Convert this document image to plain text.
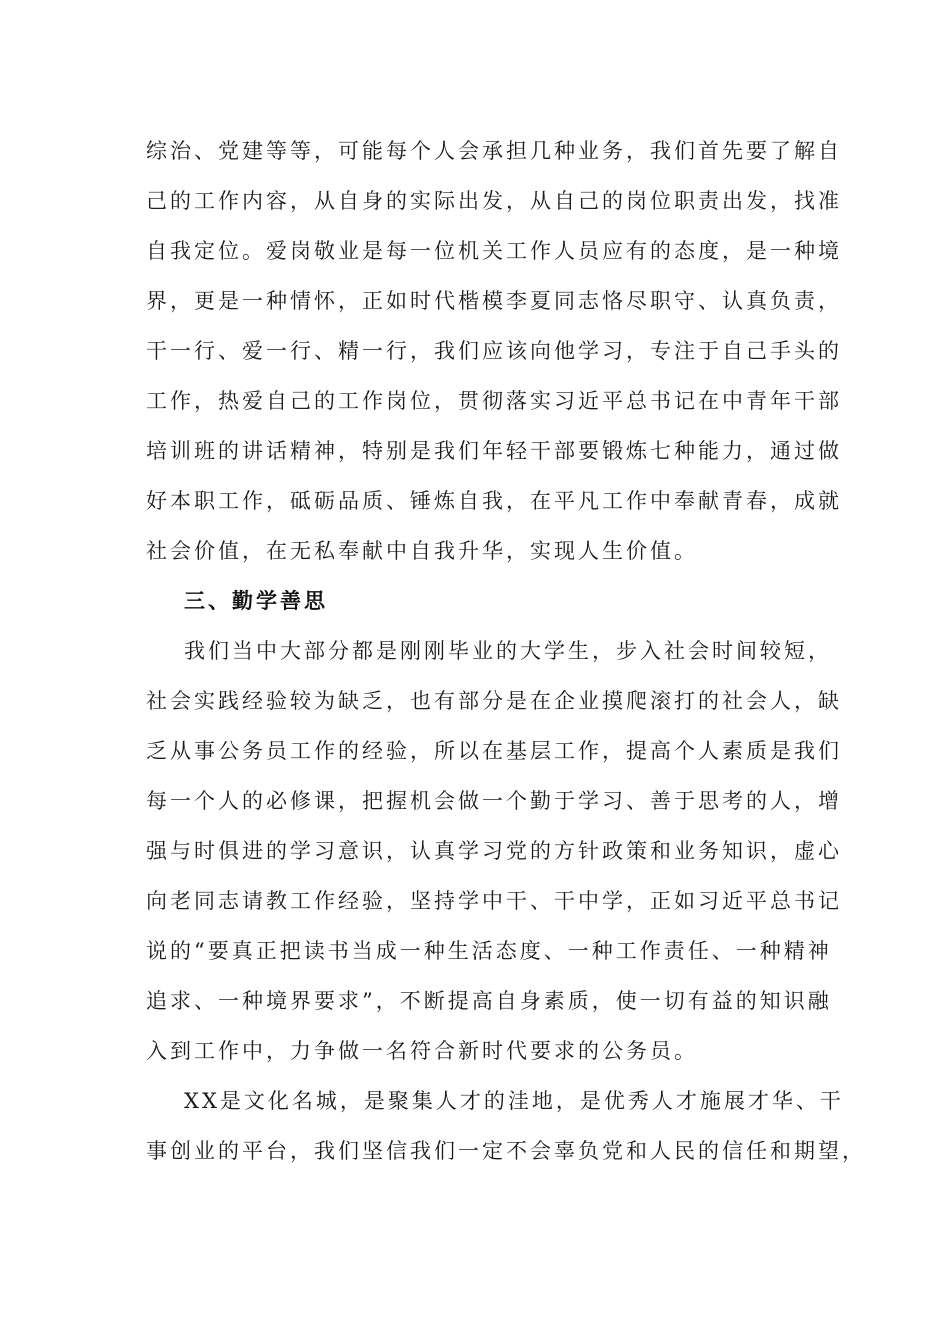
综治、党建等等，可能每个人会承担几种业务，我们首先要了解自
己的工作内容，从自身的实际出发，从自己的岗位职责出发，找准
自我定位。爱岗敬业是每一位机关工作人员应有的态度，是一种境
界，更是一种情怀，正如时代楷模李夏同志恪尽职守、认真负责，
干一行、爱一行、精一行，我们应该向他学习，专注于自己手头的
工作，热爱自己的工作岗位，贯彻落实习近平总书记在中青年干部
培训班的讲话精神，特别是我们年轻干部要锻炼七种能力，通过做
好本职工作，砥砺品质、锤炼自我，在平凡工作中奉献青春，成就
社会价值，在无私奉献中自我升华，实现人生价值。
三、勤学善思
我们当中大部分都是刚刚毕业的大学生，步入社会时间较短，
社会实践经验较为缺乏，也有部分是在企业摸爬滚打的社会人，缺
乏从事公务员工作的经验，所以在基层工作，提高个人素质是我们
每一个人的必修课，把握机会做一个勤于学习、善于思考的人，增
强与时俱进的学习意识，认真学习党的方针政策和业务知识，虚心
向老同志请教工作经验，坚持学中干、干中学，正如习近平总书记
说的“要真正把读书当成一种生活态度、一种工作责任、一种精神
追求、一种境界要求”，不断提高自身素质，使一切有益的知识融
入到工作中，力争做一名符合新时代要求的公务员。
XX是文化名城，是聚集人才的洼地，是优秀人才施展才华、干
事创业的平台，我们坚信我们一定不会辜负党和人民的信任和期望，
